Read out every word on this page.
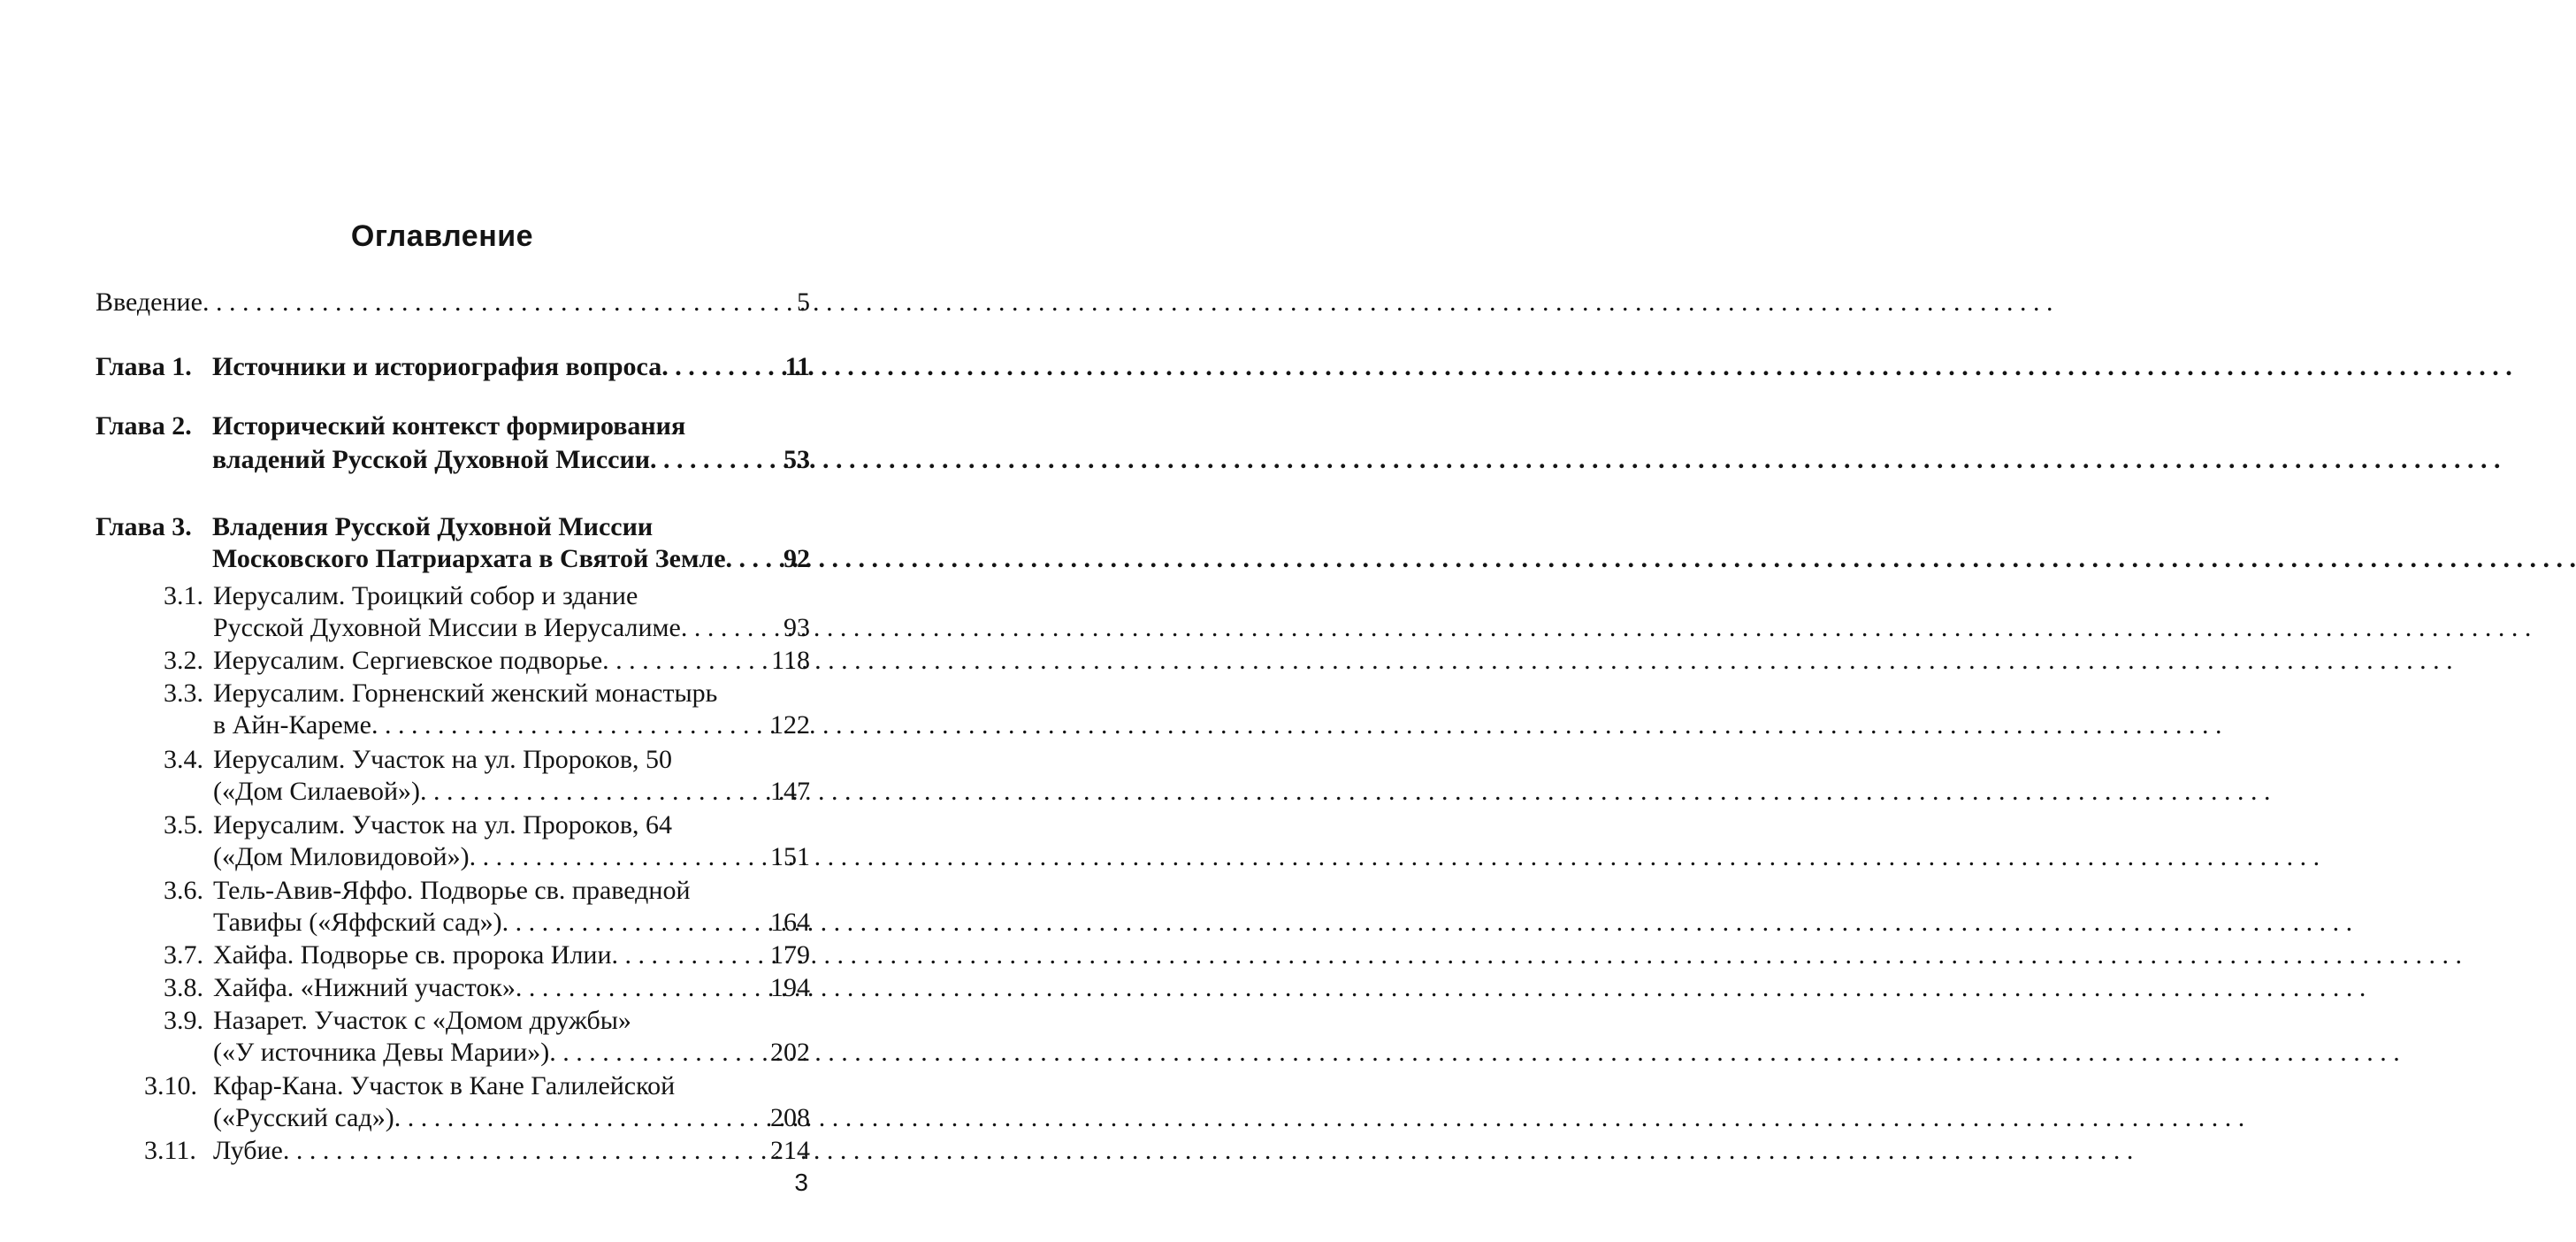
Оглавление
Введение . . .	5
Глава 1. Источники и историография вопроса . . .	11
Глава 2. Исторический контекст формирования
владений Русской Духовной Миссии . . .	53
Глава 3. Владения Русской Духовной Миссии
Московского Патриархата в Святой Земле . . . 92
3.1. Иерусалим. Троицкий собор и здание
Русской Духовной Миссии в Иерусалиме . . .	93
3.2. Иерусалим. Сергиевское подворье . . .	118
3.3. Иерусалим. Горненский женский монастырь
в Айн-Кареме . . .	122
3.4. Иерусалим. Участок на ул. Пророков, 50
(«Дом Силаевой») . . .	147
3.5. Иерусалим. Участок на ул. Пророков, 64
(«Дом Миловидовой») . . .	151
3.6. Тель-Авив-Яффо. Подворье св. праведной
Тавифы («Яффский сад») . . .	164
3.7. Хайфа. Подворье св. пророка Илии . . .	179
3.8. Хайфа. «Нижний участок» . . .	194
3.9. Назарет. Участок с «Домом дружбы»
(«У источника Девы Марии») . . .	202
3.10. Кфар-Кана. Участок в Кане Галилейской
(«Русский сад») . . .	208
3.11. Лубие . . .	214
3
